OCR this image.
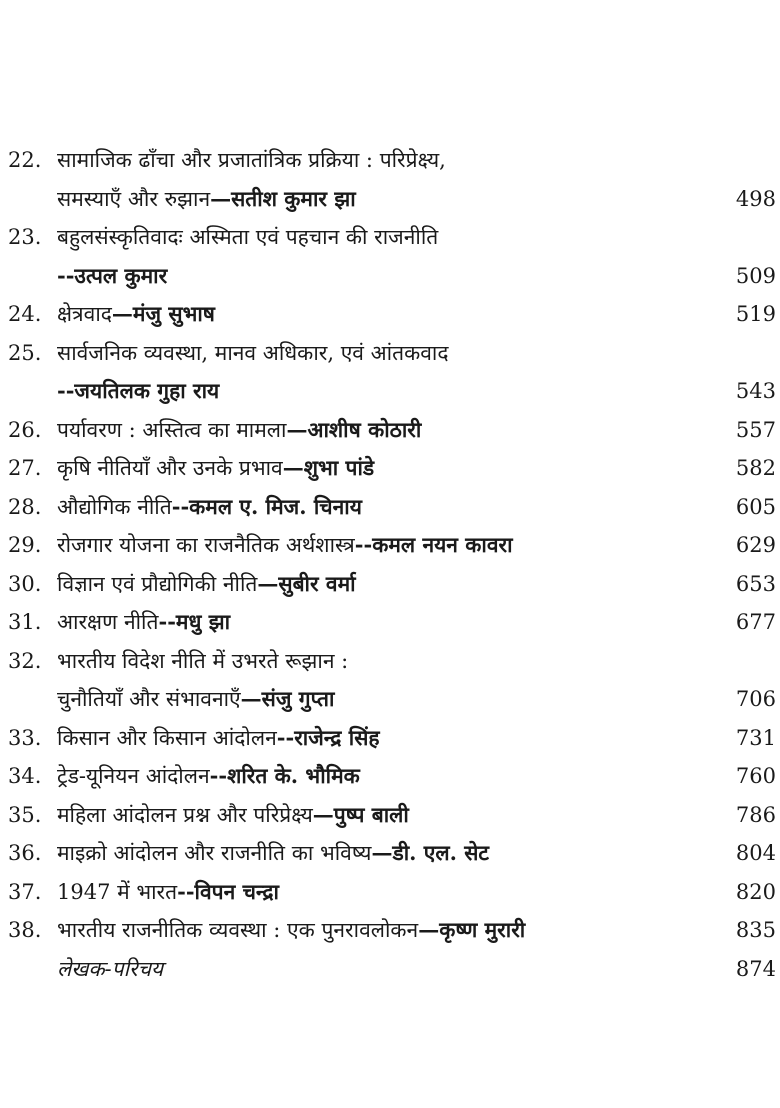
22. सामाजिक ढाँचा और प्रजातांत्रिक प्रक्रिया : परिप्रेक्ष्य,
समस्याएँ और रुझान—सतीश कुमार झा	498
23. बहुलसंस्कृतिवादः अस्मिता एवं पहचान की राजनीति
--उत्पल कुमार	509
24. क्षेत्रवाद—मंजु सुभाष	519
25. सार्वजनिक व्यवस्था, मानव अधिकार, एवं आंतकवाद
--जयतिलक गुहा राय	543
26. पर्यावरण : अस्तित्व का मामला—आशीष कोठारी	557
27. कृषि नीतियाँ और उनके प्रभाव—शुभा पांडे	582
28. औद्योगिक नीति--कमल ए. मिज. चिनाय	605
29. रोजगार योजना का राजनैतिक अर्थशास्त्र--कमल नयन कावरा	629
30. विज्ञान एवं प्रौद्योगिकी नीति—सुबीर वर्मा	653
31. आरक्षण नीति--मधु झा	677
32. भारतीय विदेश नीति में उभरते रूझान :
चुनौतियाँ और संभावनाएँ—संजु गुप्ता	706
33. किसान और किसान आंदोलन--राजेन्द्र सिंह	731
34. ट्रेड-यूनियन आंदोलन--शरित के. भौमिक	760
35. महिला आंदोलन प्रश्न और परिप्रेक्ष्य—पुष्प बाली	786
36. माइक्रो आंदोलन और राजनीति का भविष्य—डी. एल. सेट	804
37. 1947 में भारत--विपन चन्द्रा	820
38. भारतीय राजनीतिक व्यवस्था : एक पुनरावलोकन—कृष्ण मुरारी	835
लेखक-परिचय	874
